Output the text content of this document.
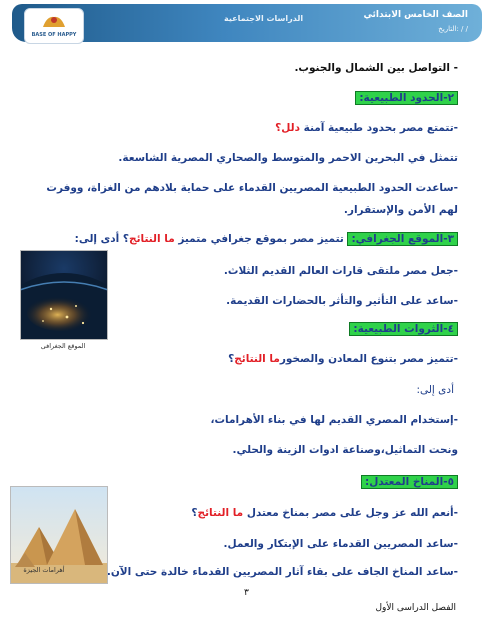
الصف الخامس الابتدائي
الدراسات الاجتماعية
التاريخ: / /
BASE OF HAPPY
- التواصل بين الشمال والجنوب.
٢-الحدود الطبيعية:
-تتمتع مصر بحدود طبيعية آمنة دلل؟
تتمثل في البحرين الاحمر والمتوسط والصحاري المصرية الشاسعة.
-ساعدت الحدود الطبيعية المصريين القدماء على حماية بلادهم من الغزاة، ووفرت لهم الأمن والإستقرار.
٣-الموقع الجغرافي: تتميز مصر بموقع جغرافي متميز ما النتائج؟ أدى إلى:
-جعل مصر ملتقى قارات العالم القديم الثلاث.
-ساعد على التأثير والتأثر بالحضارات القديمة.
٤-الثروات الطبيعية:
-تتميز مصر بتنوع المعادن والصخورما النتائج؟
أدى إلى:
-إستخدام المصري القديم لها في بناء الأهرامات،
ونحت التماثيل،وصناعة ادوات الزينة والحلي.
٥-المناخ المعتدل:
-أنعم الله عز وجل على مصر بمناخ معتدل ما النتائج؟
-ساعد المصريين القدماء على الإبتكار والعمل.
-ساعد المناخ الجاف على بقاء آثار المصريين القدماء خالدة حتى الآن.
الموقع الجغرافى
أهرامات الجيزة
٣
الفصل الدراسى الأول
